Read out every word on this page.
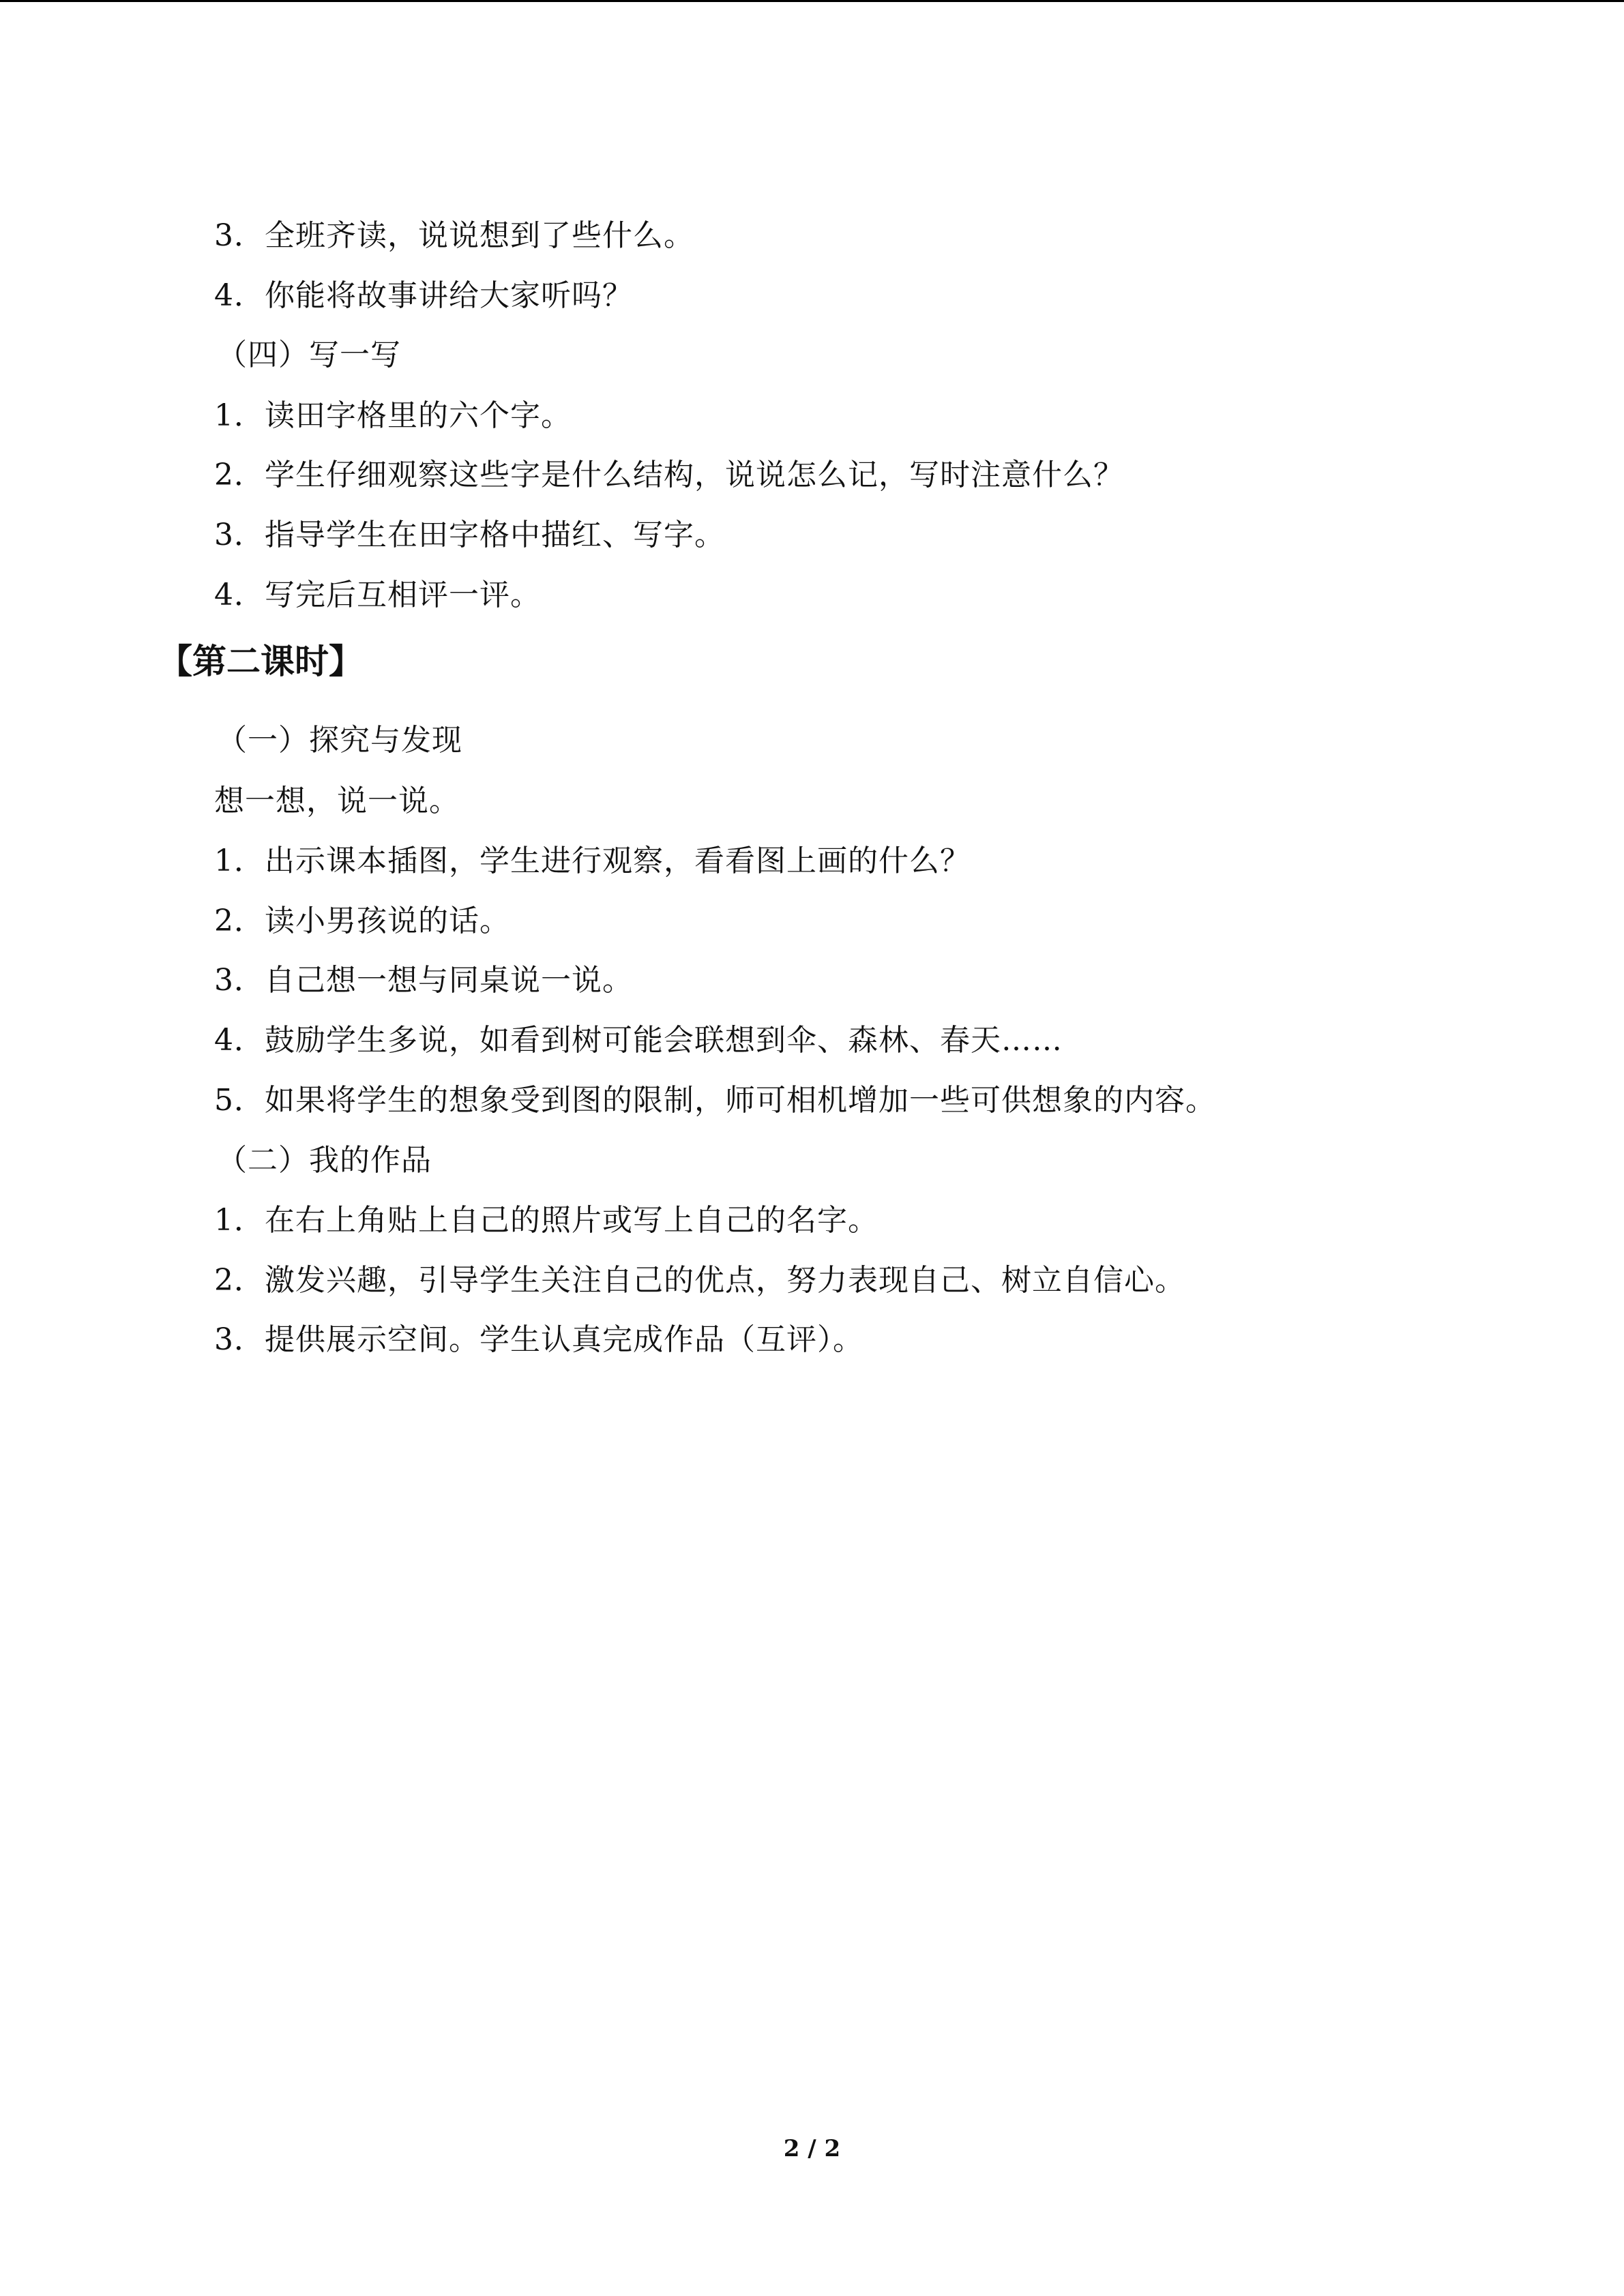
3．全班齐读，说说想到了些什么。
4．你能将故事讲给大家听吗？
（四）写一写
1．读田字格里的六个字。
2．学生仔细观察这些字是什么结构，说说怎么记，写时注意什么？
3．指导学生在田字格中描红、写字。
4．写完后互相评一评。
【第二课时】
（一）探究与发现
想一想，说一说。
1．出示课本插图，学生进行观察，看看图上画的什么？
2．读小男孩说的话。
3．自己想一想与同桌说一说。
4．鼓励学生多说，如看到树可能会联想到伞、森林、春天……
5．如果将学生的想象受到图的限制，师可相机增加一些可供想象的内容。
（二）我的作品
1．在右上角贴上自己的照片或写上自己的名字。
2．激发兴趣，引导学生关注自己的优点，努力表现自己、树立自信心。
3．提供展示空间。学生认真完成作品（互评）。
2 / 2
